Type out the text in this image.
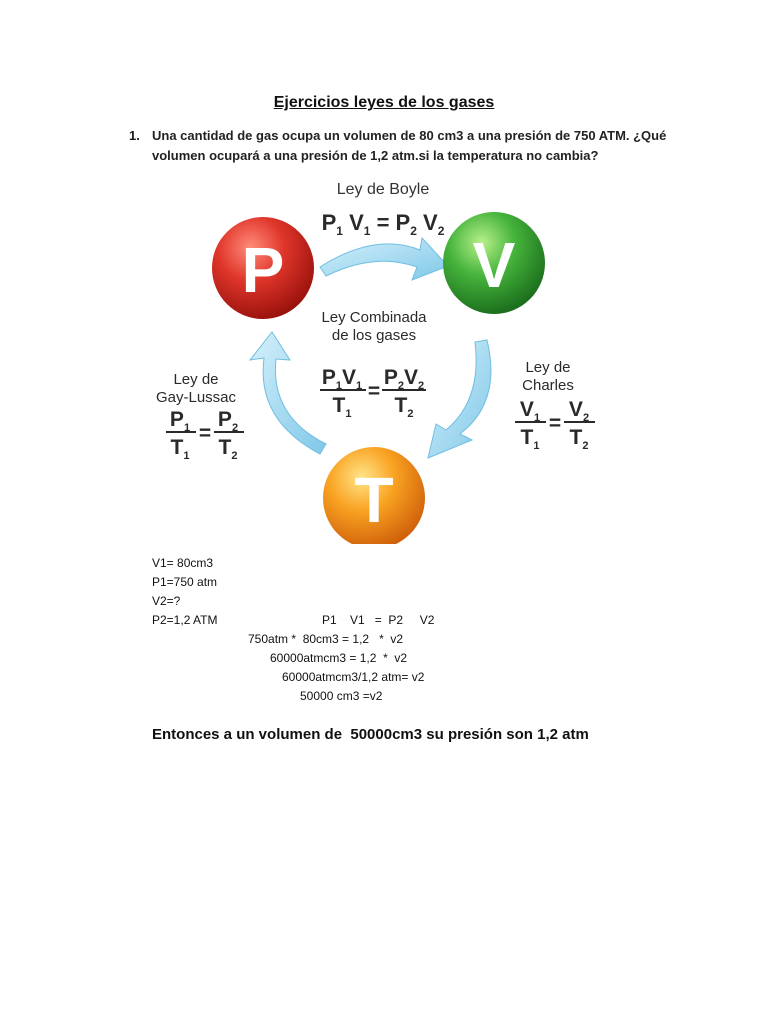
Ejercicios leyes de los gases
1. Una cantidad de gas ocupa un volumen de 80 cm3 a una presión de 750 ATM. ¿Qué
volumen ocupará a una presión de 1,2 atm.si la temperatura no cambia?
P	V
T
Ley de Boyle
$P_1$ $V_1 = P_2$ $V_2$
Ley Combinada
de los gases
$P_1V_1$
$T_1$
=
$P_2V_2$
$T_2$
Ley de
Gay-Lussac
$P_1$
$T_1$
=
$P_2$
$T_2$
Ley de
Charles
$V_1$
$T_1$
=
$V_2$
$T_2$
V1= 80cm3
P1=750 atm
V2=?
P2=1,2 ATM	P1    V1   =  P2     V2
750atm *  80cm3 = 1,2   *  v2
60000atmcm3 = 1,2  *  v2
60000atmcm3/1,2 atm= v2
50000 cm3 =v2
Entonces a un volumen de  50000cm3 su presión son 1,2 atm
